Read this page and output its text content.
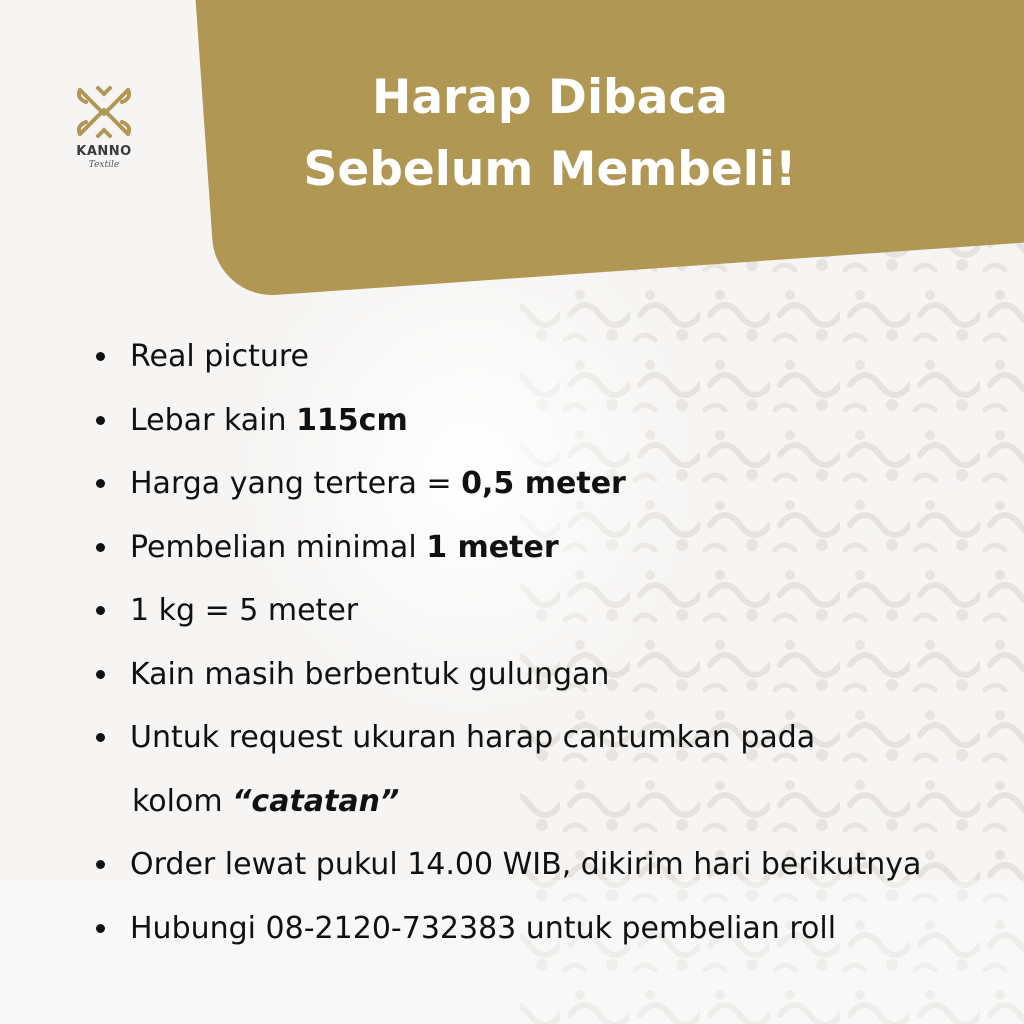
Harap Dibaca
Sebelum Membeli!
KANNO
Textile
Real picture
Lebar kain 115cm
Harga yang tertera = 0,5 meter
Pembelian minimal 1 meter
1 kg = 5 meter
Kain masih berbentuk gulungan
Untuk request ukuran harap cantumkan pada
kolom “catatan”
Order lewat pukul 14.00 WIB, dikirim hari berikutnya
Hubungi 08-2120-732383 untuk pembelian roll
